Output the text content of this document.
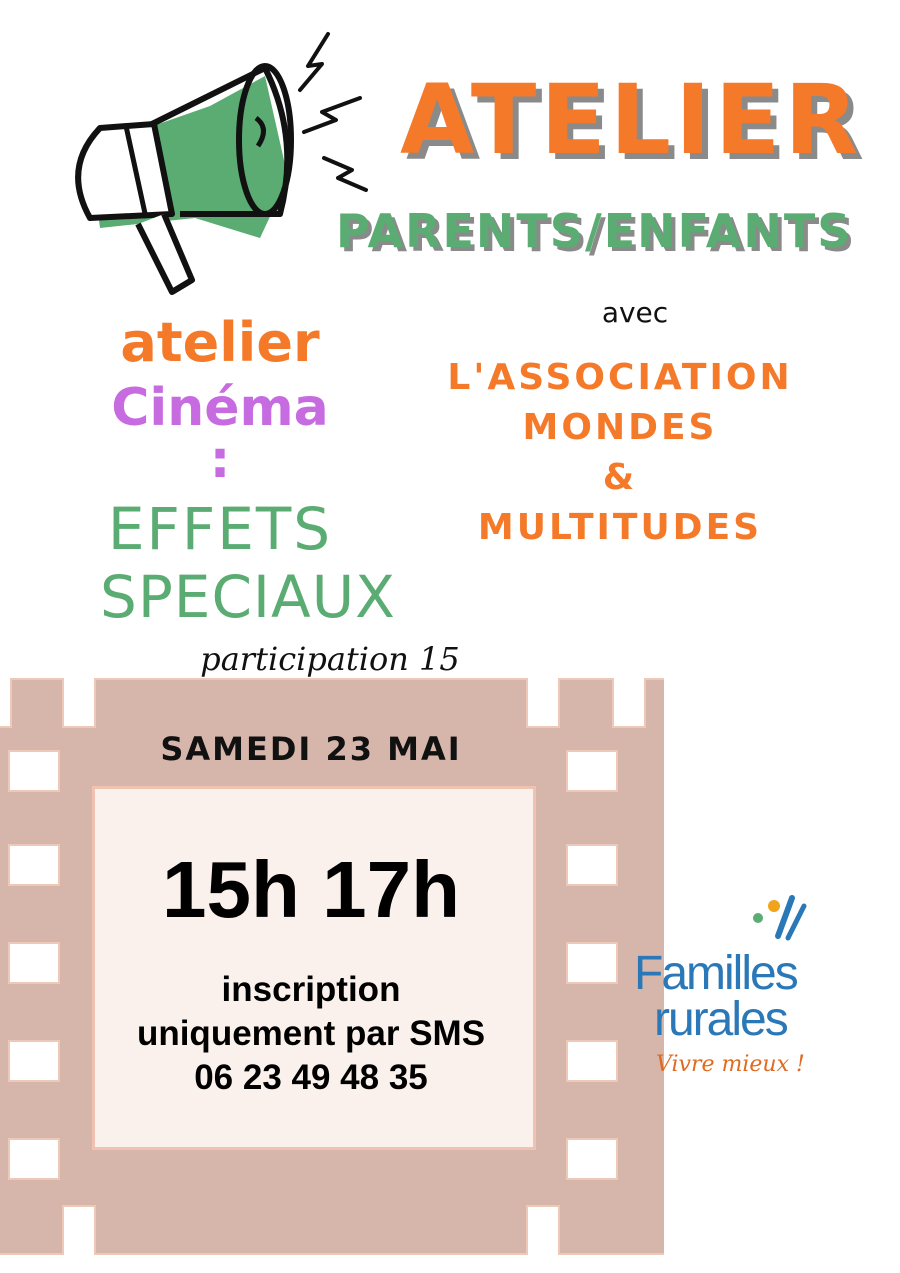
ATELIER
PARENTS/ENFANTS
avec
L'ASSOCIATION
MONDES
&
MULTITUDES
atelier
Cinéma :
EFFETS
SPECIAUX
participation 15
SAMEDI 23 MAI
15h 17h
inscription
uniquement par SMS
06 23 49 48 35
Familles
rurales
Vivre mieux !
